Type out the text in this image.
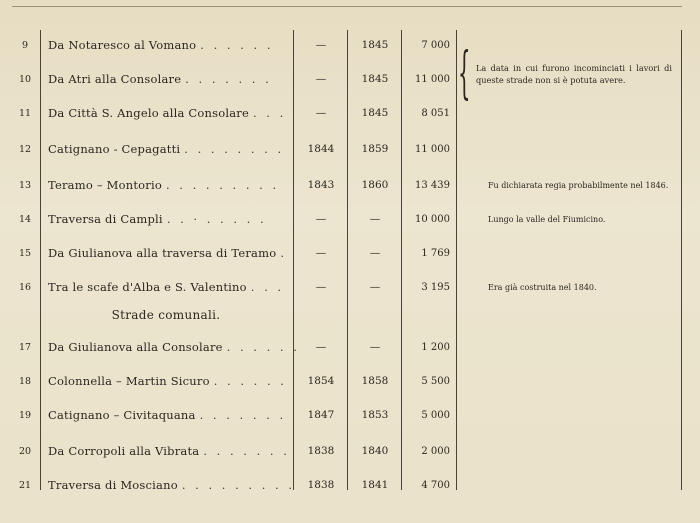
{ La data in cui furono incominciati i lavori di queste strade non si è potuta avere.
9	Da Notaresco al Vomano . . . . . .	—	1845	7 000
10	Da Atri alla Consolare . . . . . . .	—	1845	11 000
11	Da Città S. Angelo alla Consolare . . .	—	1845	8 051
12	Catignano - Cepagatti . . . . . . . .	1844	1859	11 000
13	Teramo – Montorio . . . . . . . . .	1843	1860	13 439	Fu dichiarata regia probabilmente nel 1846.
14	Traversa di Campli . . · . . . . .	—	—	10 000	Lungo la valle del Fiumicino.
15	Da Giulianova alla traversa di Teramo .	—	—	1 769
16	Tra le scafe d'Alba e S. Valentino . . .	—	—	3 195	Era già costruita nel 1840.
Strade comunali.
17	Da Giulianova alla Consolare . . . . . .	—	—	1 200
18	Colonnella – Martin Sicuro . . . . . .	1854	1858	5 500
19	Catignano – Civitaquana . . . . . . .	1847	1853	5 000
20	Da Corropoli alla Vibrata . . . . . . .	1838	1840	2 000
21	Traversa di Mosciano . . . . . . . . .	1838	1841	4 700
